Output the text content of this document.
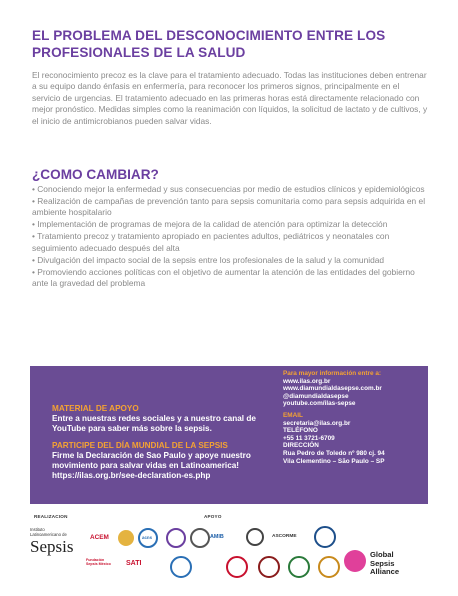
EL PROBLEMA DEL DESCONOCIMIENTO ENTRE LOS PROFESIONALES DE LA SALUD
El reconocimiento precoz es la clave para el tratamiento adecuado. Todas las instituciones deben entrenar a su equipo dando énfasis en enfermería, para reconocer los primeros signos, principalmente en el servicio de urgencias. El tratamiento adecuado en las primeras horas está directamente relacionado con mejor pronóstico. Medidas simples como la reanimación con líquidos, la solicitud de lactato y de cultivos, y el inicio de antimicrobianos pueden salvar vidas.
¿COMO CAMBIAR?
• Conociendo mejor la enfermedad y sus consecuencias por medio de estudios clínicos y epidemiológicos
• Realización de campañas de prevención tanto para sepsis comunitaria como para sepsis adquirida en el ambiente hospitalario
• Implementación de programas de mejora de la calidad de atención para optimizar la detección
• Tratamiento precoz y tratamiento apropiado en pacientes adultos, pediátricos y neonatales con seguimiento adecuado después del alta
• Divulgación del impacto social de la sepsis entre los profesionales de la salud y la comunidad
• Promoviendo acciones políticas con el objetivo de aumentar la atención de las entidades del gobierno ante la gravedad del problema
MATERIAL DE APOYO
Entre a nuestras redes sociales y a nuestro canal de YouTube para saber más sobre la sepsis.
PARTICIPE DEL DÍA MUNDIAL DE LA SEPSIS
Firme la Declaración de Sao Paulo y apoye nuestro movimiento para salvar vidas en Latinoamerica! https://ilas.org.br/see-declaration-es.php
Para mayor información entre a:
www.ilas.org.br
www.diamundialdasepse.com.br
@diamundialdasepse
youtube.com/ilas-sepse
EMAIL
secretaria@ilas.org.br
TELÉFONO
+55 11 3721-6709
DIRECCIÓN
Rua Pedro de Toledo nº 980 cj. 94
Vila Clementino – São Paulo – SP
REALIZACION	APOYO
Instituto
Latinoamericano de
Sepsis	ACEM	acns	AMIB	ASCORME
Fundación Sepsis México SATI
Global
Sepsis
Alliance
